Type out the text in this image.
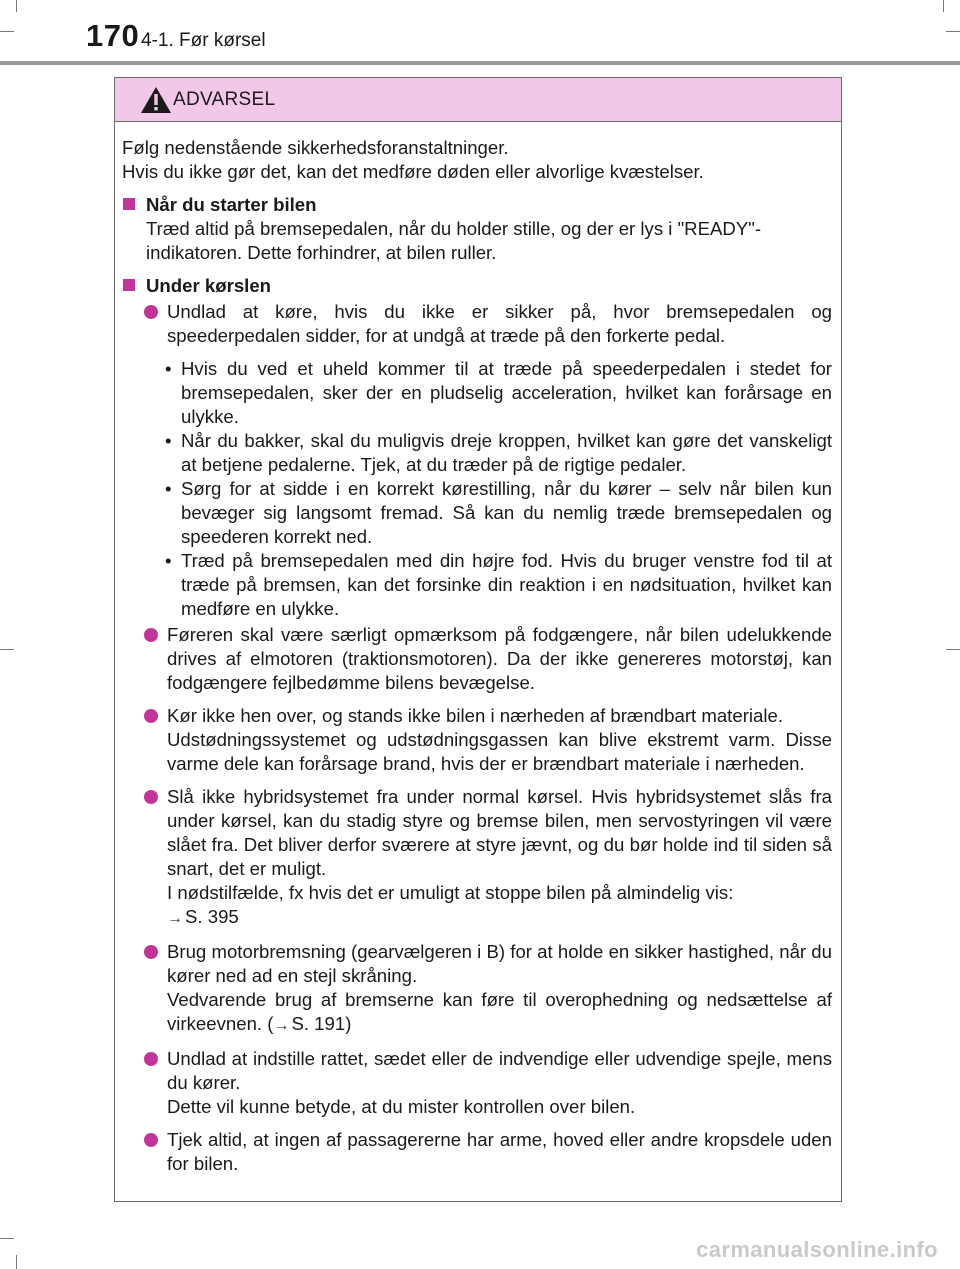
170 4-1. Før kørsel
ADVARSEL

Følg nedenstående sikkerhedsforanstaltninger.

Hvis du ikke gør det, kan det medføre døden eller alvorlige kvæstelser.

Når du starter bilen
Træd altid på bremsepedalen, når du holder stille, og der er lys i "READY"-indikatoren. Dette forhindrer, at bilen ruller.
Under kørslen
Undlad at køre, hvis du ikke er sikker på, hvor bremsepedalen og speederpedalen sidder, for at undgå at træde på den forkerte pedal.
• Hvis du ved et uheld kommer til at træde på speederpedalen i stedet for bremsepedalen, sker der en pludselig acceleration, hvilket kan forårsage en ulykke.
• Når du bakker, skal du muligvis dreje kroppen, hvilket kan gøre det vanskeligt at betjene pedalerne. Tjek, at du træder på de rigtige pedaler.
• Sørg for at sidde i en korrekt kørestilling, når du kører – selv når bilen kun bevæger sig langsomt fremad. Så kan du nemlig træde bremsepedalen og speederen korrekt ned.
• Træd på bremsepedalen med din højre fod. Hvis du bruger venstre fod til at træde på bremsen, kan det forsinke din reaktion i en nødsituation, hvilket kan medføre en ulykke.
Føreren skal være særligt opmærksom på fodgængere, når bilen udelukkende drives af elmotoren (traktionsmotoren). Da der ikke genereres motorstøj, kan fodgængere fejlbedømme bilens bevægelse.
Kør ikke hen over, og stands ikke bilen i nærheden af brændbart materiale.
Udstødningssystemet og udstødningsgassen kan blive ekstremt varm. Disse varme dele kan forårsage brand, hvis der er brændbart materiale i nærheden.
Slå ikke hybridsystemet fra under normal kørsel. Hvis hybridsystemet slås fra under kørsel, kan du stadig styre og bremse bilen, men servostyringen vil være slået fra. Det bliver derfor sværere at styre jævnt, og du bør holde ind til siden så snart, det er muligt.
I nødstilfælde, fx hvis det er umuligt at stoppe bilen på almindelig vis:
→ S. 395
Brug motorbremsning (gearvælgeren i B) for at holde en sikker hastighed, når du kører ned ad en stejl skråning.
Vedvarende brug af bremserne kan føre til overophedning og nedsættelse af virkeevnen. (→ S. 191)
Undlad at indstille rattet, sædet eller de indvendige eller udvendige spejle, mens du kører.
Dette vil kunne betyde, at du mister kontrollen over bilen.
Tjek altid, at ingen af passagererne har arme, hoved eller andre kropsdele uden for bilen.
carmanualsonline.info
